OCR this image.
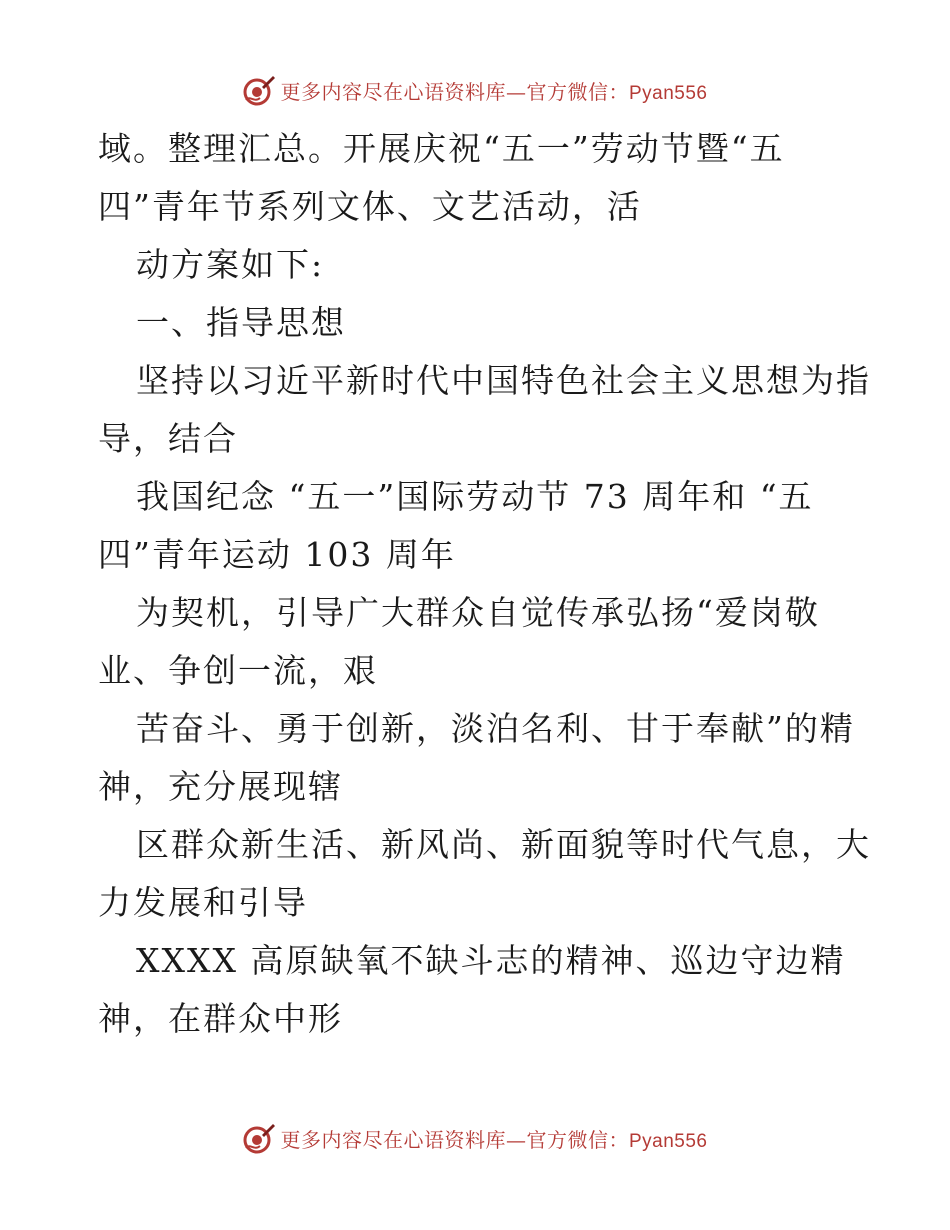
更多内容尽在心语资料库—官方微信：Pyan556
域。整理汇总。开展庆祝“五一”劳动节暨“五
四”青年节系列文体、文艺活动，活
动方案如下:
一、指导思想
坚持以习近平新时代中国特色社会主义思想为指
导，结合
我国纪念 “五一”国际劳动节 73 周年和 “五
四”青年运动 103 周年
为契机，引导广大群众自觉传承弘扬“爱岗敬
业、争创一流，艰
苦奋斗、勇于创新，淡泊名利、甘于奉献”的精
神，充分展现辖
区群众新生活、新风尚、新面貌等时代气息，大
力发展和引导
XXXX 高原缺氧不缺斗志的精神、巡边守边精
神，在群众中形
更多内容尽在心语资料库—官方微信：Pyan556
